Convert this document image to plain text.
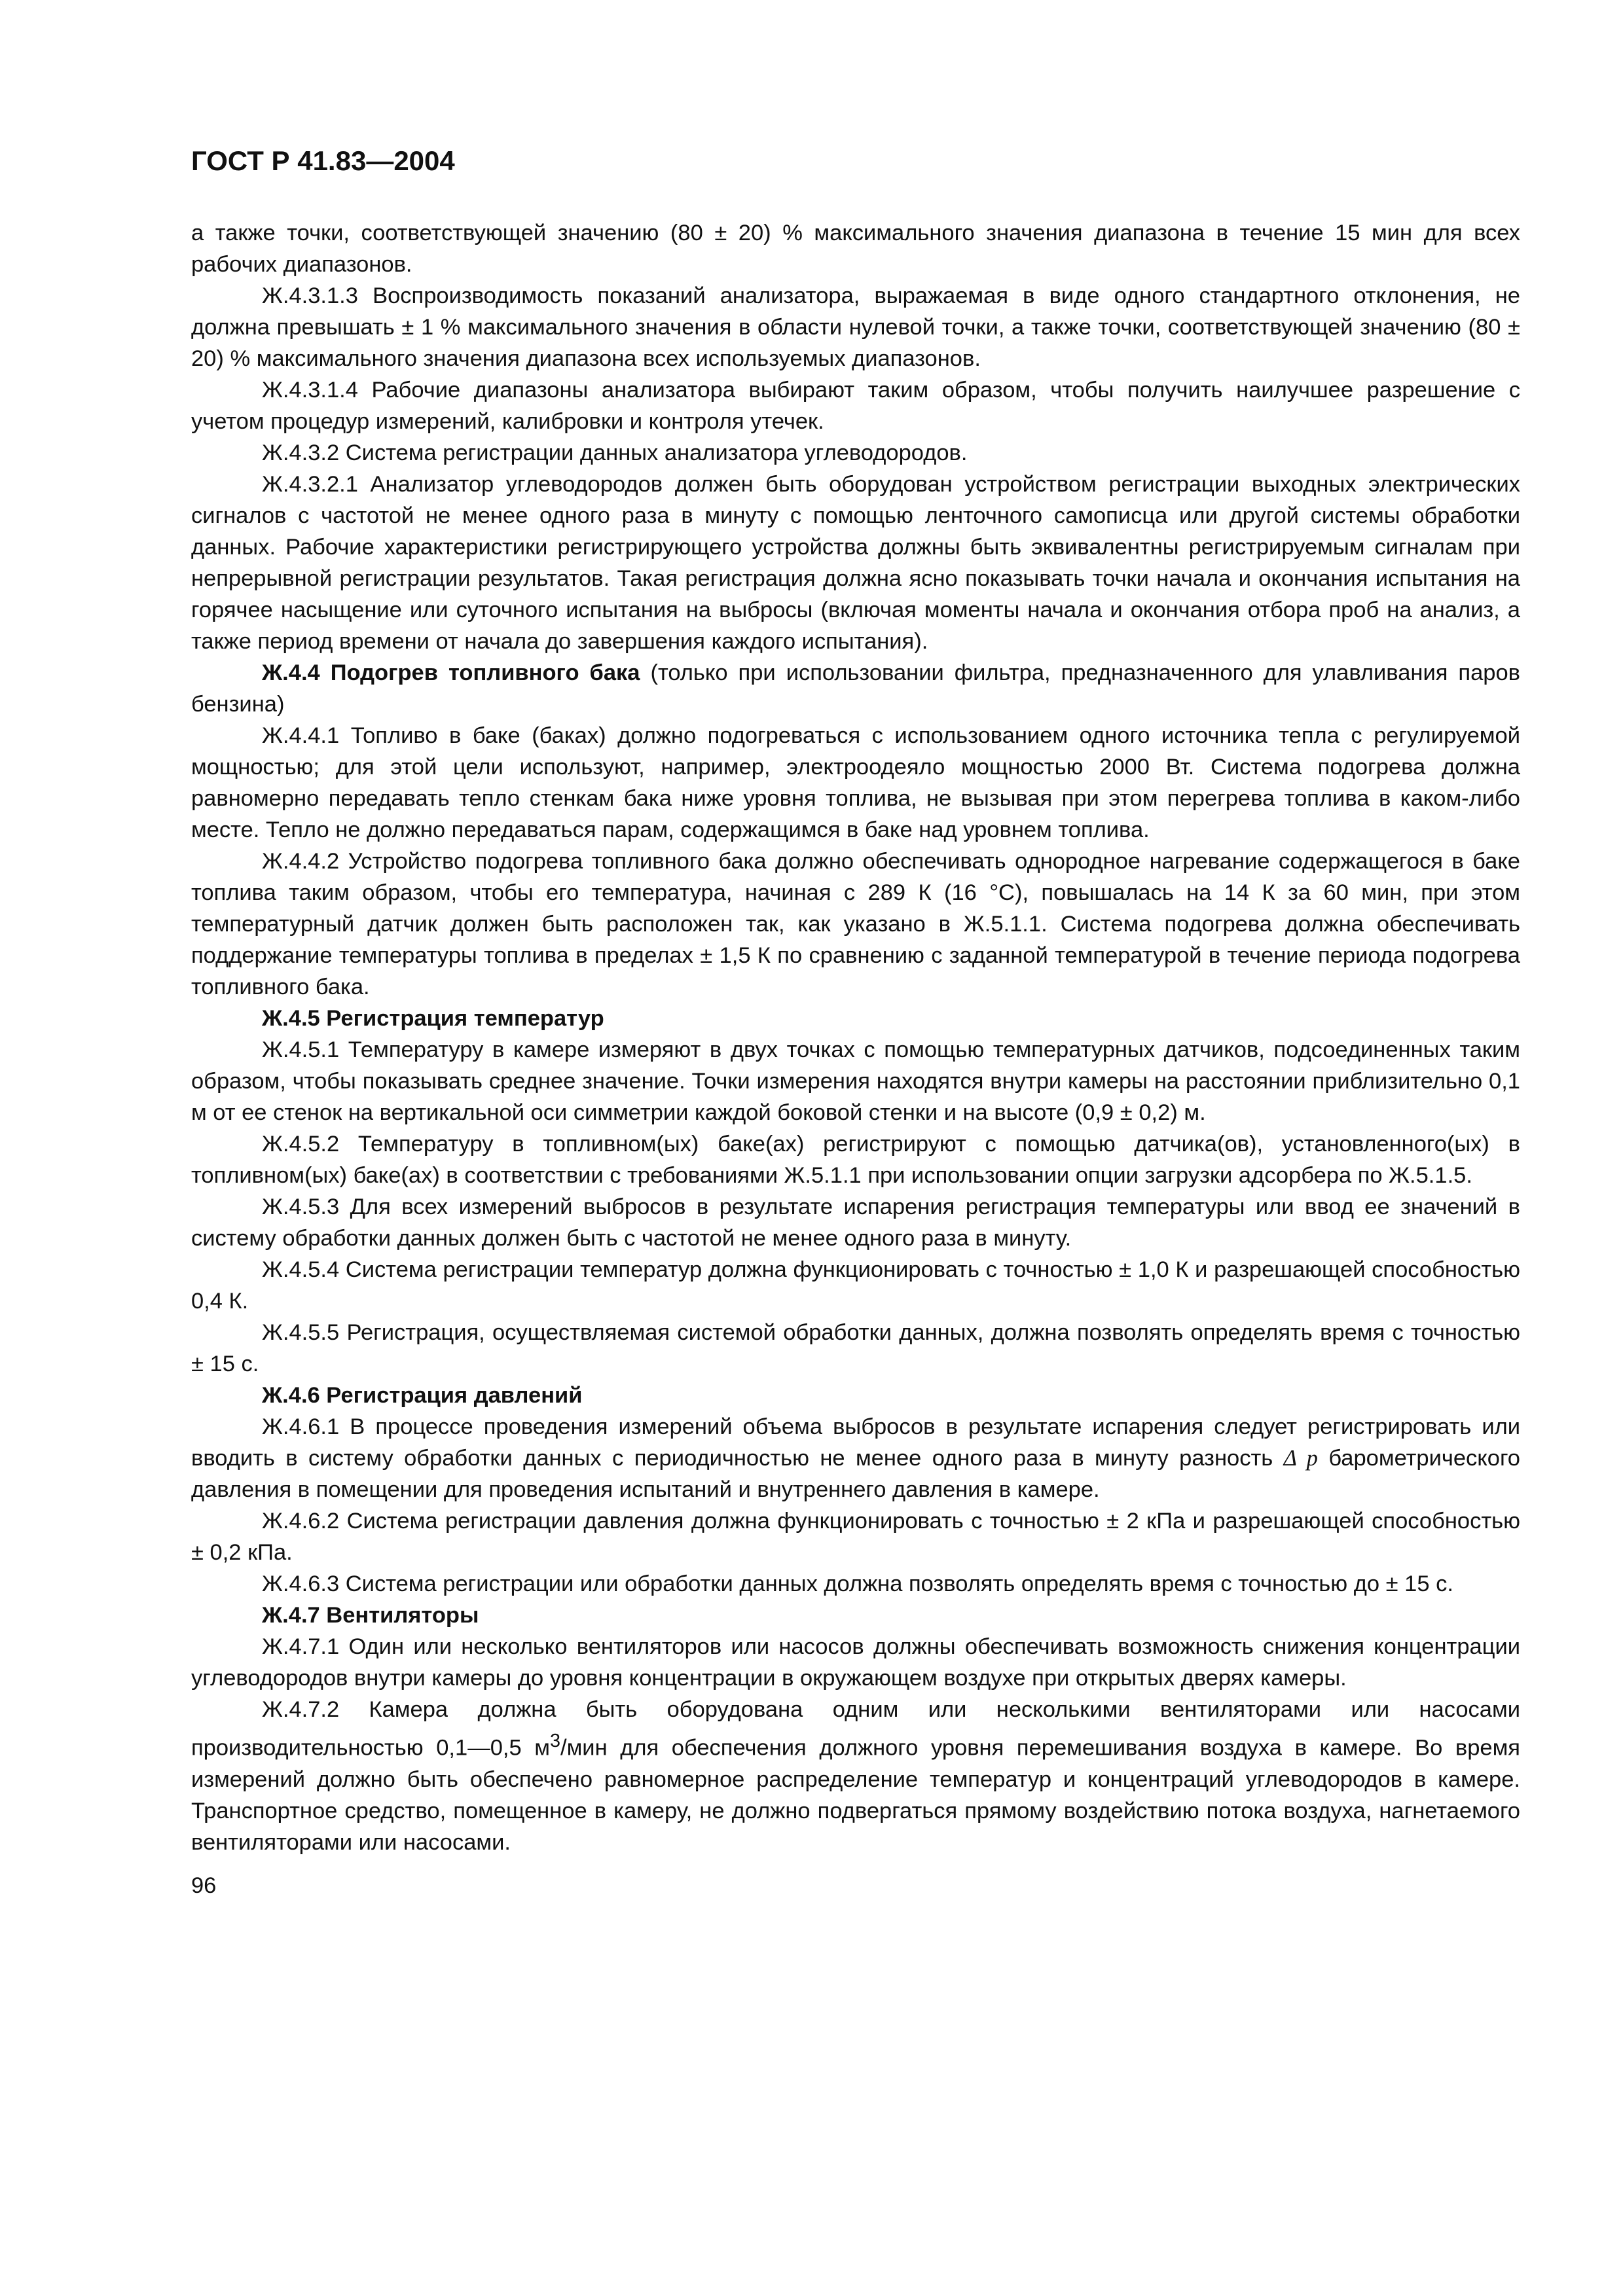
ГОСТ Р 41.83—2004

а также точки, соответствующей значению (80 ± 20) % максимального значения диапазона в течение 15 мин для всех рабочих диапазонов.

Ж.4.3.1.3 Воспроизводимость показаний анализатора, выражаемая в виде одного стандартного отклонения, не должна превышать ± 1 % максимального значения в области нулевой точки, а также точки, соответствующей значению (80 ± 20) % максимального значения диапазона всех используемых диапазонов.

Ж.4.3.1.4 Рабочие диапазоны анализатора выбирают таким образом, чтобы получить наилучшее разрешение с учетом процедур измерений, калибровки и контроля утечек.

Ж.4.3.2 Система регистрации данных анализатора углеводородов.

Ж.4.3.2.1 Анализатор углеводородов должен быть оборудован устройством регистрации выходных электрических сигналов с частотой не менее одного раза в минуту с помощью ленточного самописца или другой системы обработки данных. Рабочие характеристики регистрирующего устройства должны быть эквивалентны регистрируемым сигналам при непрерывной регистрации результатов. Такая регистрация должна ясно показывать точки начала и окончания испытания на горячее насыщение или суточного испытания на выбросы (включая моменты начала и окончания отбора проб на анализ, а также период времени от начала до завершения каждого испытания).

Ж.4.4 Подогрев топливного бака (только при использовании фильтра, предназначенного для улавливания паров бензина)

Ж.4.4.1 Топливо в баке (баках) должно подогреваться с использованием одного источника тепла с регулируемой мощностью; для этой цели используют, например, электроодеяло мощностью 2000 Вт. Система подогрева должна равномерно передавать тепло стенкам бака ниже уровня топлива, не вызывая при этом перегрева топлива в каком-либо месте. Тепло не должно передаваться парам, содержащимся в баке над уровнем топлива.

Ж.4.4.2 Устройство подогрева топливного бака должно обеспечивать однородное нагревание содержащегося в баке топлива таким образом, чтобы его температура, начиная с 289 К (16 °С), повышалась на 14 К за 60 мин, при этом температурный датчик должен быть расположен так, как указано в Ж.5.1.1. Система подогрева должна обеспечивать поддержание температуры топлива в пределах ± 1,5 К по сравнению с заданной температурой в течение периода подогрева топливного бака.

Ж.4.5 Регистрация температур

Ж.4.5.1 Температуру в камере измеряют в двух точках с помощью температурных датчиков, подсоединенных таким образом, чтобы показывать среднее значение. Точки измерения находятся внутри камеры на расстоянии приблизительно 0,1 м от ее стенок на вертикальной оси симметрии каждой боковой стенки и на высоте (0,9 ± 0,2) м.

Ж.4.5.2 Температуру в топливном(ых) баке(ах) регистрируют с помощью датчика(ов), установленного(ых) в топливном(ых) баке(ах) в соответствии с требованиями Ж.5.1.1 при использовании опции загрузки адсорбера по Ж.5.1.5.

Ж.4.5.3 Для всех измерений выбросов в результате испарения регистрация температуры или ввод ее значений в систему обработки данных должен быть с частотой не менее одного раза в минуту.

Ж.4.5.4 Система регистрации температур должна функционировать с точностью ± 1,0 К и разрешающей способностью 0,4 К.

Ж.4.5.5 Регистрация, осуществляемая системой обработки данных, должна позволять определять время с точностью ± 15 с.

Ж.4.6 Регистрация давлений

Ж.4.6.1 В процессе проведения измерений объема выбросов в результате испарения следует регистрировать или вводить в систему обработки данных с периодичностью не менее одного раза в минуту разность Δ p барометрического давления в помещении для проведения испытаний и внутреннего давления в камере.

Ж.4.6.2 Система регистрации давления должна функционировать с точностью ± 2 кПа и разрешающей способностью ± 0,2 кПа.

Ж.4.6.3 Система регистрации или обработки данных должна позволять определять время с точностью до ± 15 с.

Ж.4.7 Вентиляторы

Ж.4.7.1 Один или несколько вентиляторов или насосов должны обеспечивать возможность снижения концентрации углеводородов внутри камеры до уровня концентрации в окружающем воздухе при открытых дверях камеры.

Ж.4.7.2 Камера должна быть оборудована одним или несколькими вентиляторами или насосами производительностью 0,1—0,5 $м^3$/мин для обеспечения должного уровня перемешивания воздуха в камере. Во время измерений должно быть обеспечено равномерное распределение температур и концентраций углеводородов в камере. Транспортное средство, помещенное в камеру, не должно подвергаться прямому воздействию потока воздуха, нагнетаемого вентиляторами или насосами.

96
